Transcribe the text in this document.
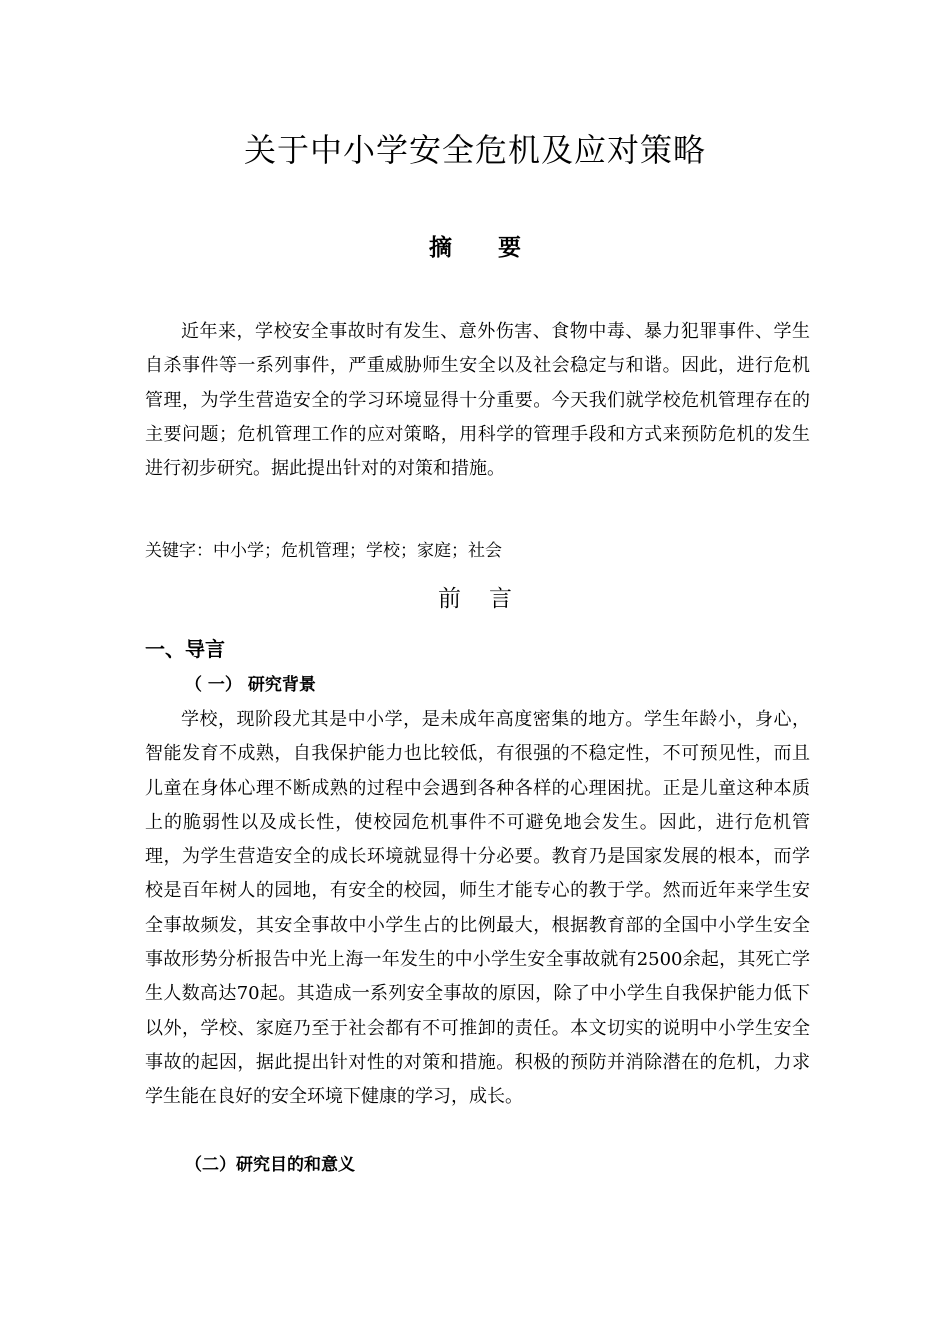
关于中小学安全危机及应对策略
摘 要
近年来，学校安全事故时有发生、意外伤害、食物中毒、暴力犯罪事件、学生自杀事件等一系列事件，严重威胁师生安全以及社会稳定与和谐。因此，进行危机管理，为学生营造安全的学习环境显得十分重要。今天我们就学校危机管理存在的主要问题；危机管理工作的应对策略，用科学的管理手段和方式来预防危机的发生进行初步研究。据此提出针对的对策和措施。
关键字：中小学；危机管理；学校；家庭；社会
前 言
一、导言
（ 一） 研究背景
学校，现阶段尤其是中小学，是未成年高度密集的地方。学生年龄小，身心，智能发育不成熟，自我保护能力也比较低，有很强的不稳定性，不可预见性，而且儿童在身体心理不断成熟的过程中会遇到各种各样的心理困扰。正是儿童这种本质上的脆弱性以及成长性，使校园危机事件不可避免地会发生。因此，进行危机管理，为学生营造安全的成长环境就显得十分必要。教育乃是国家发展的根本，而学校是百年树人的园地，有安全的校园，师生才能专心的教于学。然而近年来学生安全事故频发，其安全事故中小学生占的比例最大，根据教育部的全国中小学生安全事故形势分析报告中光上海一年发生的中小学生安全事故就有2500余起，其死亡学生人数高达70起。其造成一系列安全事故的原因，除了中小学生自我保护能力低下以外，学校、家庭乃至于社会都有不可推卸的责任。本文切实的说明中小学生安全事故的起因，据此提出针对性的对策和措施。积极的预防并消除潜在的危机，力求学生能在良好的安全环境下健康的学习，成长。
（二）研究目的和意义
